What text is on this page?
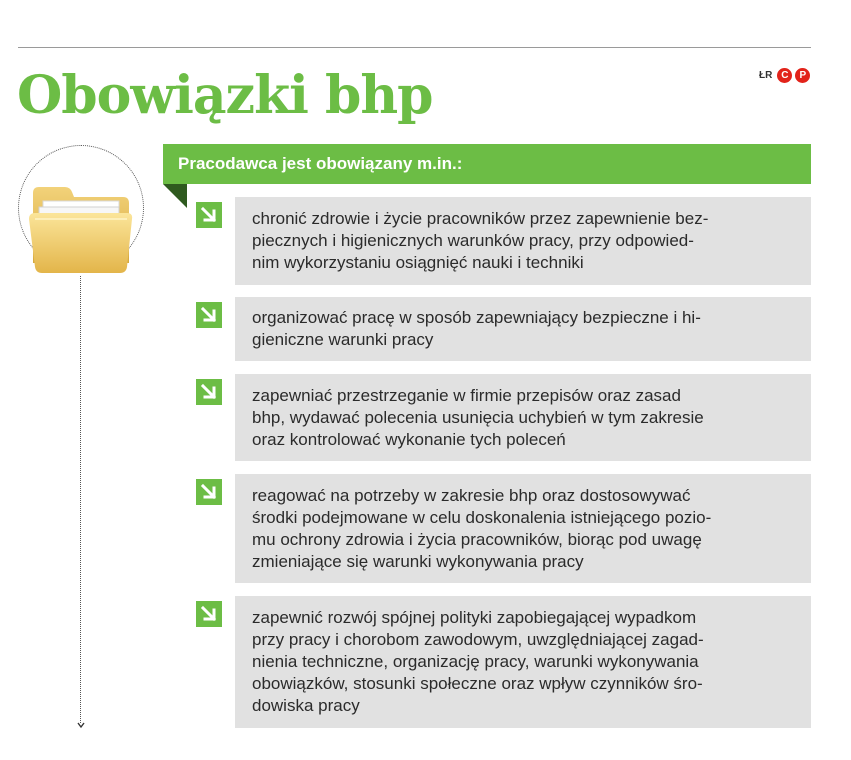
Obowiązki bhp	ŁR C	P
Pracodawca jest obowiązany m.in.:
chronić zdrowie i życie pracowników przez zapewnienie bez-
piecznych i higienicznych warunków pracy, przy odpowied-
nim wykorzystaniu osiągnięć nauki i techniki
organizować pracę w sposób zapewniający bezpieczne i hi-
gieniczne warunki pracy
zapewniać przestrzeganie w firmie przepisów oraz zasad
bhp, wydawać polecenia usunięcia uchybień w tym zakresie
oraz kontrolować wykonanie tych poleceń
reagować na potrzeby w zakresie bhp oraz dostosowywać
środki podejmowane w celu doskonalenia istniejącego pozio-
mu ochrony zdrowia i życia pracowników, biorąc pod uwagę
zmieniające się warunki wykonywania pracy
zapewnić rozwój spójnej polityki zapobiegającej wypadkom
przy pracy i chorobom zawodowym, uwzględniającej zagad-
nienia techniczne, organizację pracy, warunki wykonywania
obowiązków, stosunki społeczne oraz wpływ czynników śro-
dowiska pracy
